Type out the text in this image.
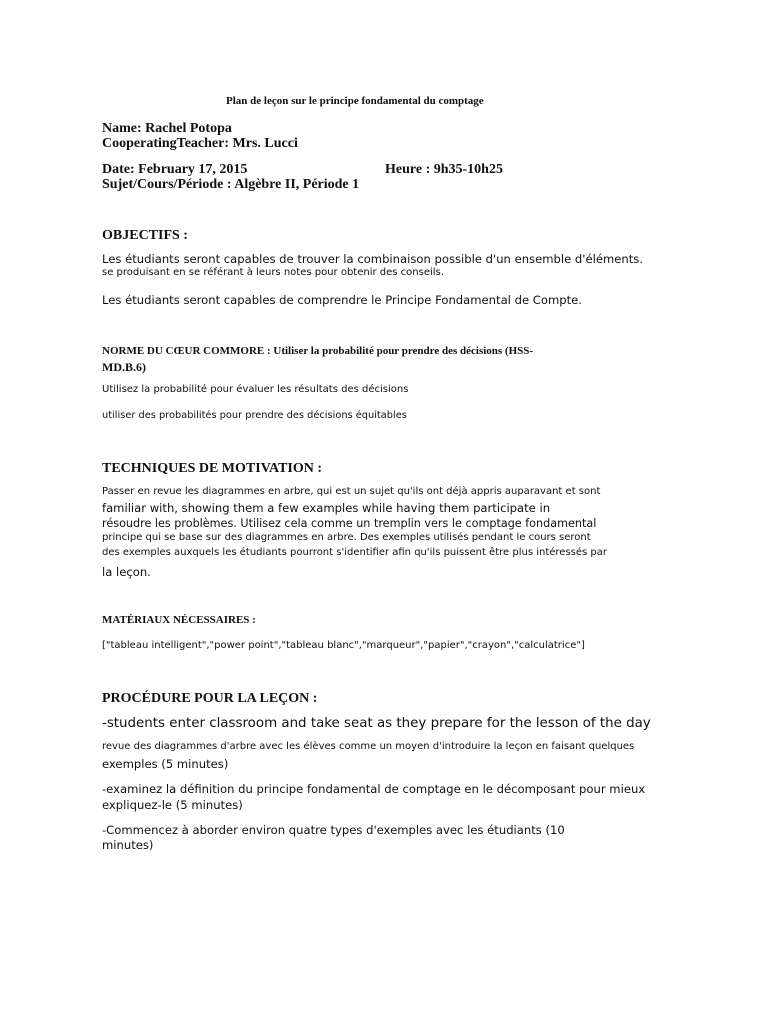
Plan de leçon sur le principe fondamental du comptage
Name: Rachel Potopa
CooperatingTeacher: Mrs. Lucci
Date: February 17, 2015	Heure : 9h35-10h25
Sujet/Cours/Période : Algèbre II, Période 1
OBJECTIFS :
Les étudiants seront capables de trouver la combinaison possible d'un ensemble d'éléments.
se produisant en se référant à leurs notes pour obtenir des conseils.
Les étudiants seront capables de comprendre le Principe Fondamental de Compte.
NORME DU CŒUR COMMORE : Utiliser la probabilité pour prendre des décisions (HSS-
MD.B.6)
Utilisez la probabilité pour évaluer les résultats des décisions
utiliser des probabilités pour prendre des décisions équitables
TECHNIQUES DE MOTIVATION :
Passer en revue les diagrammes en arbre, qui est un sujet qu'ils ont déjà appris auparavant et sont
familiar with, showing them a few examples while having them participate in
résoudre les problèmes. Utilisez cela comme un tremplin vers le comptage fondamental
principe qui se base sur des diagrammes en arbre. Des exemples utilisés pendant le cours seront
des exemples auxquels les étudiants pourront s'identifier afin qu'ils puissent être plus intéressés par
la leçon.
MATÉRIAUX NÉCESSAIRES :
["tableau intelligent","power point","tableau blanc","marqueur","papier","crayon","calculatrice"]
PROCÉDURE POUR LA LEÇON :
-students enter classroom and take seat as they prepare for the lesson of the day
revue des diagrammes d'arbre avec les élèves comme un moyen d'introduire la leçon en faisant quelques
exemples (5 minutes)
-examinez la définition du principe fondamental de comptage en le décomposant pour mieux
expliquez-le (5 minutes)
-Commencez à aborder environ quatre types d'exemples avec les étudiants (10
minutes)
